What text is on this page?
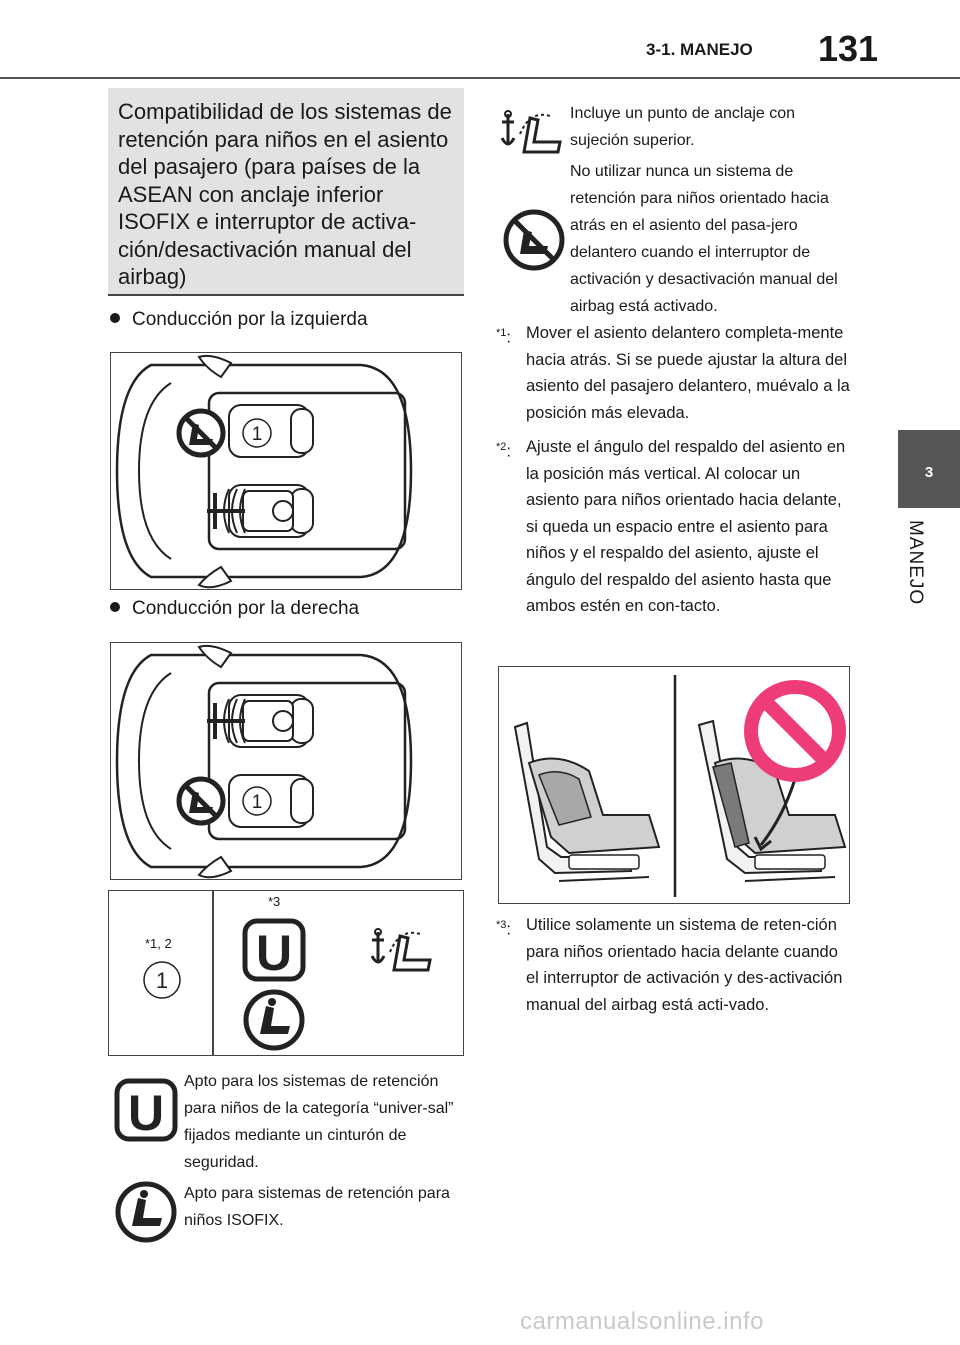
3-1. MANEJO 131
3
MANEJO
Compatibilidad de los sistemas de retención para niños en el asiento del pasajero (para países de la ASEAN con anclaje inferior ISOFIX e interruptor de activa-ción/desactivación manual del airbag)
Conducción por la izquierda
1
Conducción por la derecha
1
*1, 2
1
*3
U
U
Apto para los sistemas de retención para niños de la categoría “univer-sal” fijados mediante un cinturón de seguridad.
Apto para sistemas de retención para niños ISOFIX.
Incluye un punto de anclaje con sujeción superior.
No utilizar nunca un sistema de retención para niños orientado hacia atrás en el asiento del pasa-jero delantero cuando el interruptor de activación y desactivación manual del airbag está activado.
$^{*1}$: Mover el asiento delantero completa-mente hacia atrás. Si se puede ajustar la altura del asiento del pasajero delantero, muévalo a la posición más elevada.
$^{*2}$: Ajuste el ángulo del respaldo del asiento en la posición más vertical. Al colocar un asiento para niños orientado hacia delante, si queda un espacio entre el asiento para niños y el respaldo del asiento, ajuste el ángulo del respaldo del asiento hasta que ambos estén en con-tacto.
$^{*3}$: Utilice solamente un sistema de reten-ción para niños orientado hacia delante cuando el interruptor de activación y des-activación manual del airbag está acti-vado.
carmanualsonline.info
